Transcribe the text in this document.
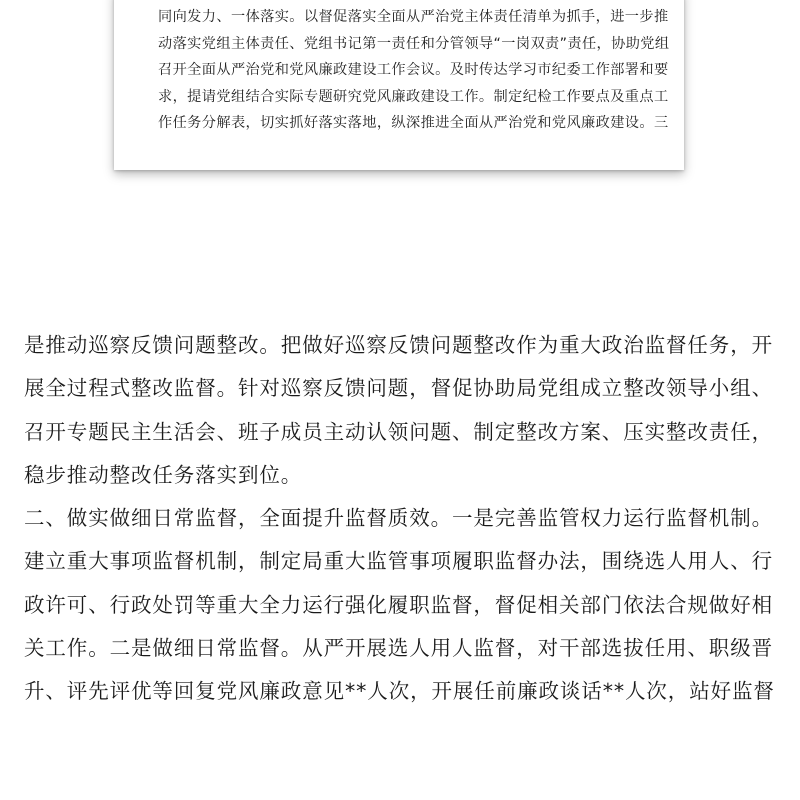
同向发力、一体落实。以督促落实全面从严治党主体责任清单为抓手，进一步推
动落实党组主体责任、党组书记第一责任和分管领导“一岗双责”责任，协助党组
召开全面从严治党和党风廉政建设工作会议。及时传达学习市纪委工作部署和要
求，提请党组结合实际专题研究党风廉政建设工作。制定纪检工作要点及重点工
作任务分解表，切实抓好落实落地，纵深推进全面从严治党和党风廉政建设。三
是推动巡察反馈问题整改。把做好巡察反馈问题整改作为重大政治监督任务，开
展全过程式整改监督。针对巡察反馈问题，督促协助局党组成立整改领导小组、
召开专题民主生活会、班子成员主动认领问题、制定整改方案、压实整改责任，
稳步推动整改任务落实到位。
二、做实做细日常监督，全面提升监督质效。一是完善监管权力运行监督机制。
建立重大事项监督机制，制定局重大监管事项履职监督办法，围绕选人用人、行
政许可、行政处罚等重大全力运行强化履职监督，督促相关部门依法合规做好相
关工作。二是做细日常监督。从严开展选人用人监督，对干部选拔任用、职级晋
升、评先评优等回复党风廉政意见**人次，开展任前廉政谈话**人次，站好监督
